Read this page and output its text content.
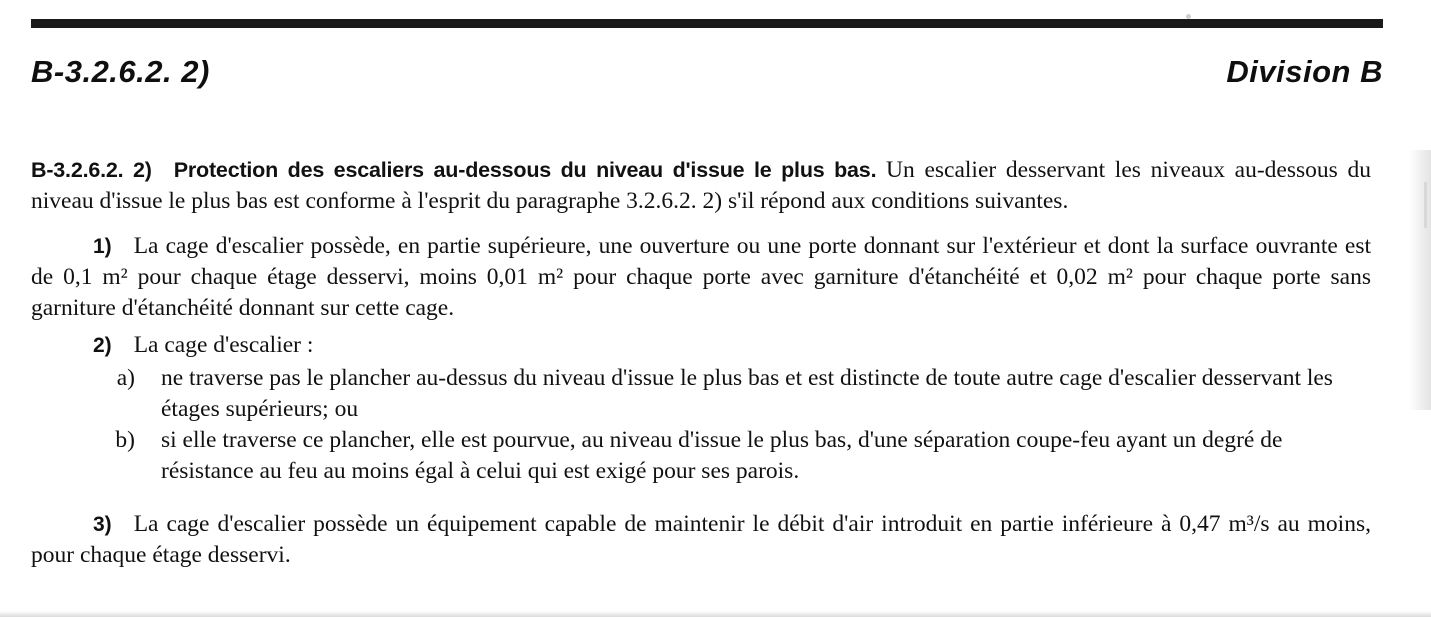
B-3.2.6.2. 2)	Division B

B-3.2.6.2. 2) Protection des escaliers au-dessous du niveau d'issue le plus bas. Un escalier desservant les niveaux au-dessous du niveau d'issue le plus bas est conforme à l'esprit du paragraphe 3.2.6.2. 2) s'il répond aux conditions suivantes.

1) La cage d'escalier possède, en partie supérieure, une ouverture ou une porte donnant sur l'extérieur et dont la surface ouvrante est de 0,1 m² pour chaque étage desservi, moins 0,01 m² pour chaque porte avec garniture d'étanchéité et 0,02 m² pour chaque porte sans garniture d'étanchéité donnant sur cette cage.

2) La cage d'escalier :

a)	ne traverse pas le plancher au-dessus du niveau d'issue le plus bas et est distincte de toute autre cage d'escalier desservant les étages supérieurs; ou
b)	si elle traverse ce plancher, elle est pourvue, au niveau d'issue le plus bas, d'une séparation coupe-feu ayant un degré de résistance au feu au moins égal à celui qui est exigé pour ses parois.

3) La cage d'escalier possède un équipement capable de maintenir le débit d'air introduit en partie inférieure à 0,47 m³/s au moins, pour chaque étage desservi.
